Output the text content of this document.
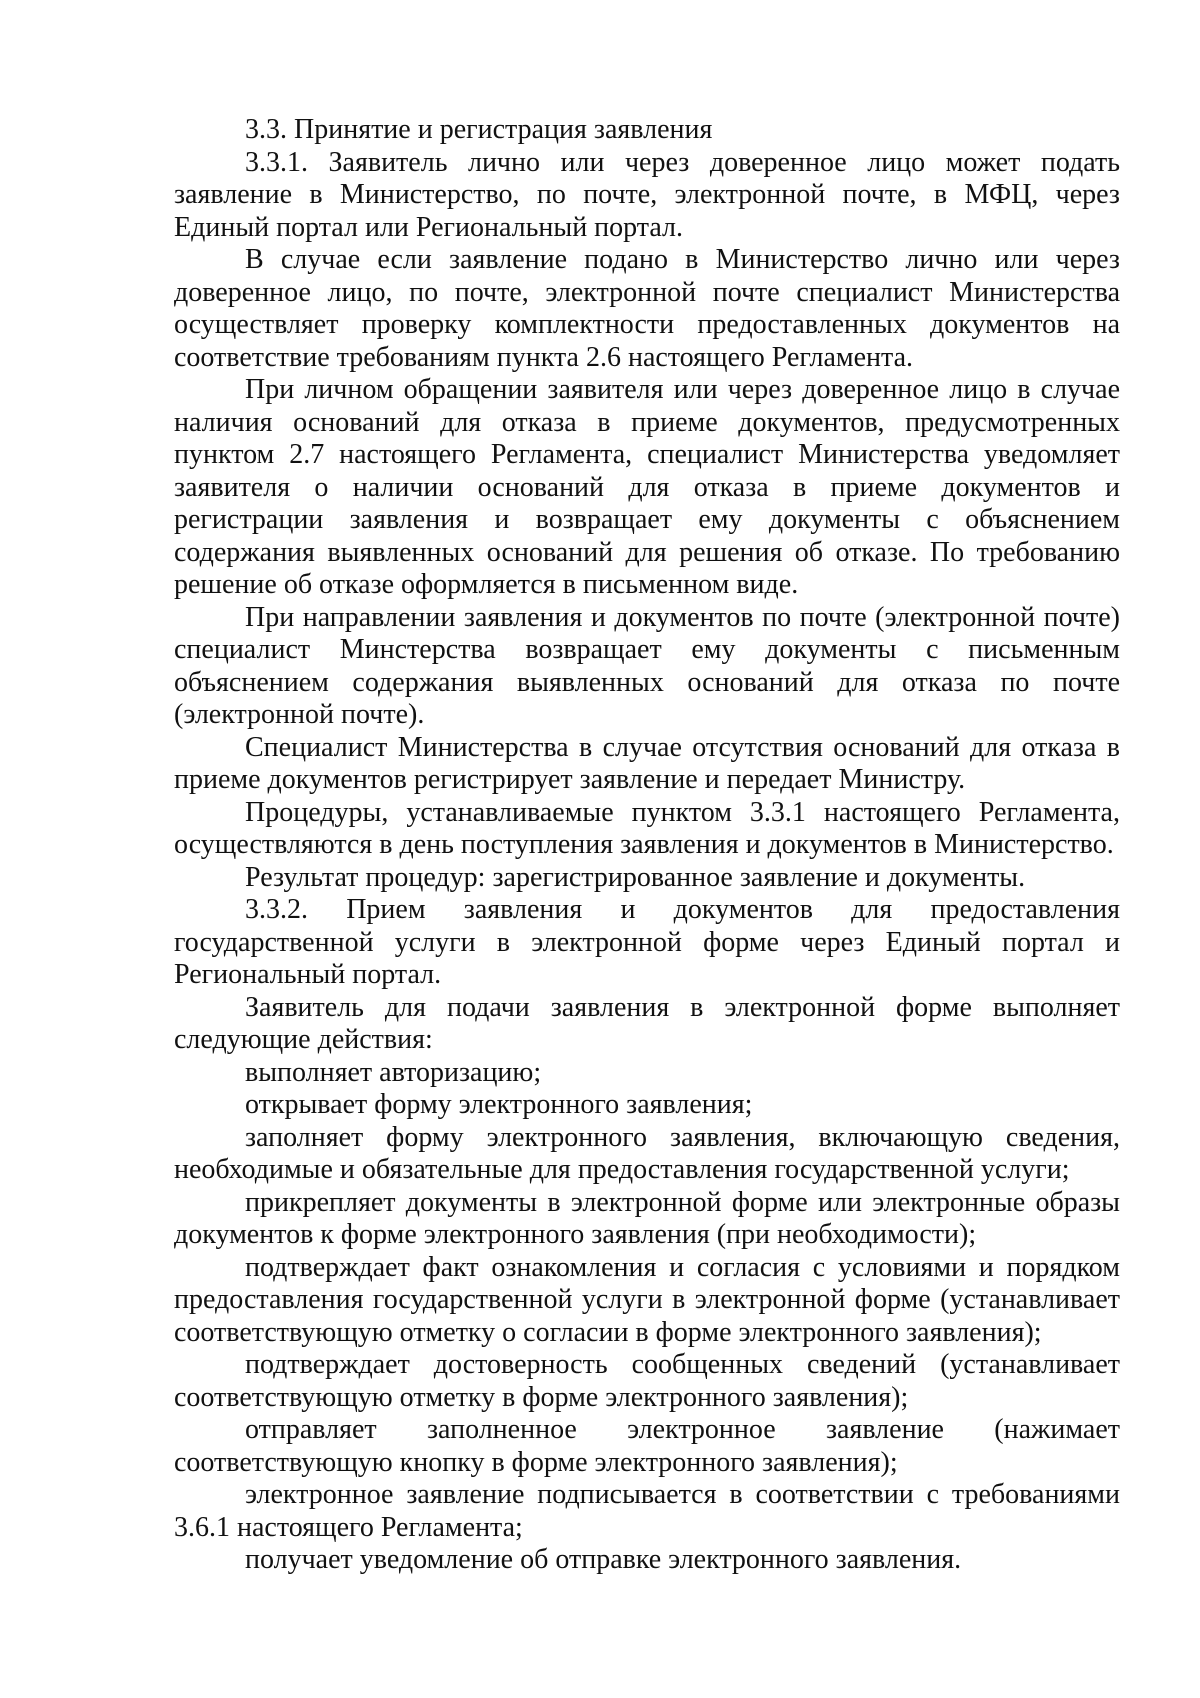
3.3. Принятие и регистрация заявления

3.3.1. Заявитель лично или через доверенное лицо может подать заявление в Министерство, по почте, электронной почте, в МФЦ, через Единый портал или Региональный портал.

В случае если заявление подано в Министерство лично или через доверенное лицо, по почте, электронной почте специалист Министерства осуществляет проверку комплектности предоставленных документов на соответствие требованиям пункта 2.6 настоящего Регламента.

При личном обращении заявителя или через доверенное лицо в случае наличия оснований для отказа в приеме документов, предусмотренных пунктом 2.7 настоящего Регламента, специалист Министерства уведомляет заявителя о наличии оснований для отказа в приеме документов и регистрации заявления и возвращает ему документы с объяснением содержания выявленных оснований для решения об отказе. По требованию решение об отказе оформляется в письменном виде.

При направлении заявления и документов по почте (электронной почте) специалист Минстерства возвращает ему документы с письменным объяснением содержания выявленных оснований для отказа по почте (электронной почте).

Специалист Министерства в случае отсутствия оснований для отказа в приеме документов регистрирует заявление и передает Министру.

Процедуры, устанавливаемые пунктом 3.3.1 настоящего Регламента, осуществляются в день поступления заявления и документов в Министерство.

Результат процедур: зарегистрированное заявление и документы.

3.3.2. Прием заявления и документов для предоставления государственной услуги в электронной форме через Единый портал и Региональный портал.

Заявитель для подачи заявления в электронной форме выполняет следующие действия:

выполняет авторизацию;

открывает форму электронного заявления;

заполняет форму электронного заявления, включающую сведения, необходимые и обязательные для предоставления государственной услуги;

прикрепляет документы в электронной форме или электронные образы документов к форме электронного заявления (при необходимости);

подтверждает факт ознакомления и согласия с условиями и порядком предоставления государственной услуги в электронной форме (устанавливает соответствующую отметку о согласии в форме электронного заявления);

подтверждает достоверность сообщенных сведений (устанавливает соответствующую отметку в форме электронного заявления);

отправляет заполненное электронное заявление (нажимает соответствующую кнопку в форме электронного заявления);

электронное заявление подписывается в соответствии с требованиями 3.6.1 настоящего Регламента;

получает уведомление об отправке электронного заявления.
